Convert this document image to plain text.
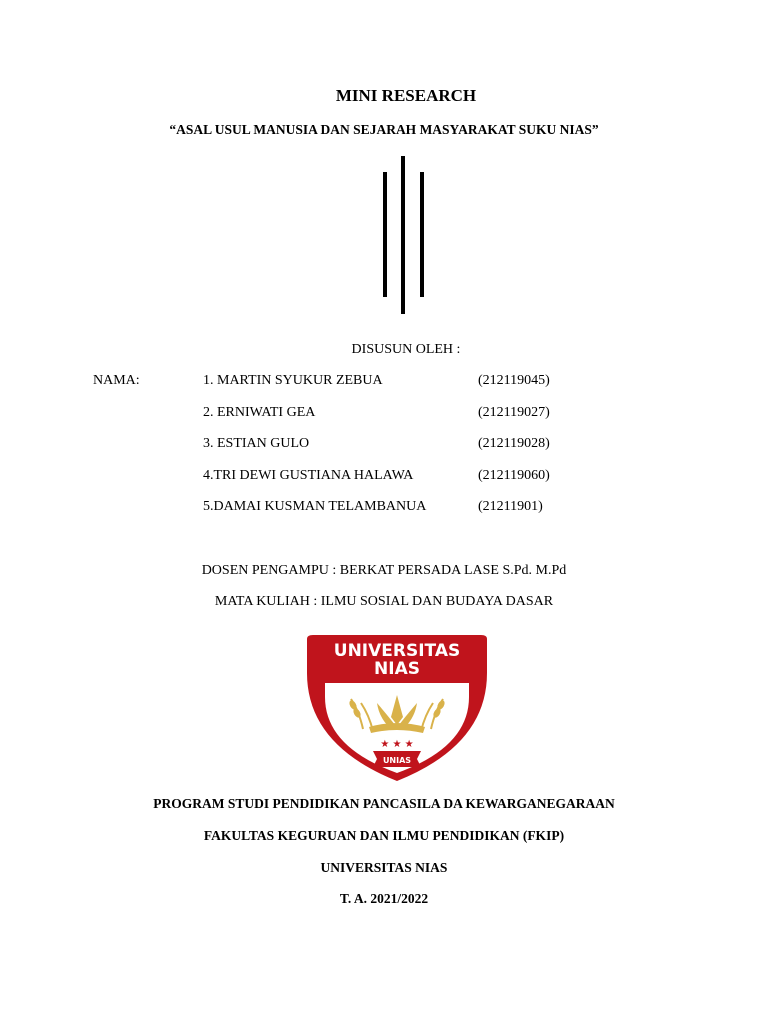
MINI RESEARCH
“ASAL USUL MANUSIA DAN SEJARAH MASYARAKAT SUKU NIAS”
DISUSUN OLEH :
NAMA:	1. MARTIN SYUKUR ZEBUA	(212119045)
2. ERNIWATI GEA	(212119027)
3. ESTIAN GULO	(212119028)
4.TRI DEWI GUSTIANA HALAWA	(212119060)
5.DAMAI KUSMAN TELAMBANUA	(21211901)
DOSEN PENGAMPU : BERKAT PERSADA LASE S.Pd. M.Pd
MATA KULIAH : ILMU SOSIAL DAN BUDAYA DASAR
UNIVERSITAS
NIAS
★ ★ ★
UNIAS
PROGRAM STUDI PENDIDIKAN PANCASILA DA KEWARGANEGARAAN
FAKULTAS KEGURUAN DAN ILMU PENDIDIKAN (FKIP)
UNIVERSITAS NIAS
T. A. 2021/2022
